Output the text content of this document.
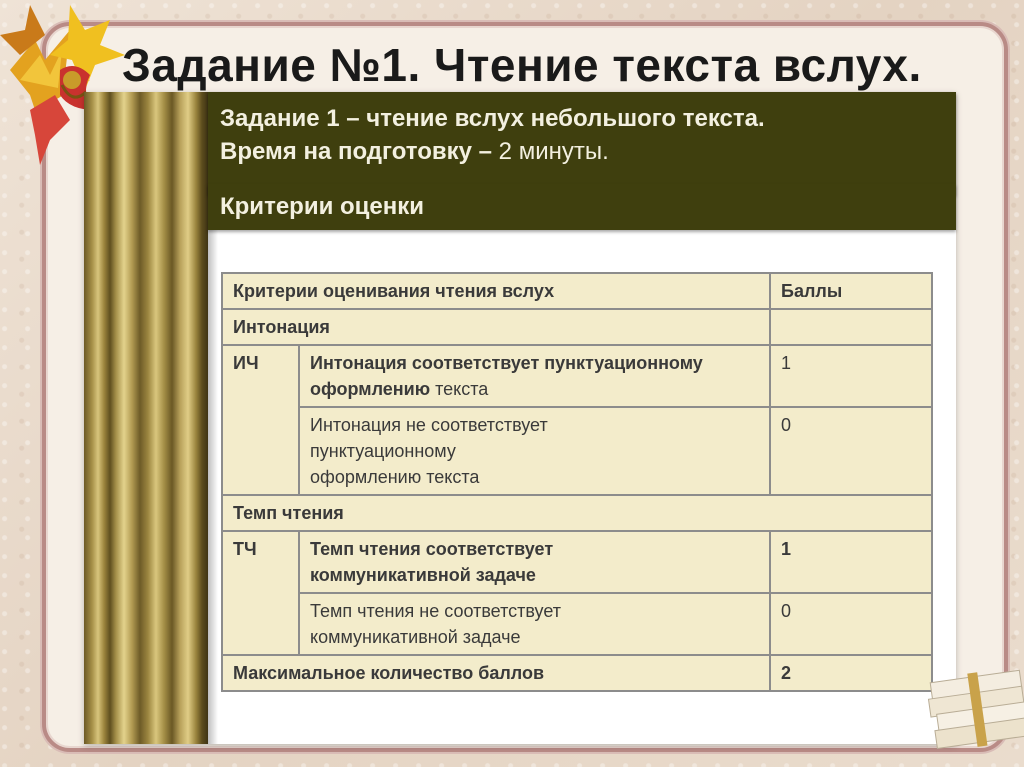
Задание №1. Чтение текста вслух.
Задание 1 – чтение вслух небольшого текста.
Время на подготовку – 2 минуты.
Критерии оценки
Критерии оценивания чтения вслух		Баллы
Интонация		
ИЧ	Интонация соответствует пунктуационному оформлению текста	1
	Интонация не соответствует пунктуационному оформлению текста	0
Темп чтения		
ТЧ	Темп чтения соответствует коммуникативной задаче	1
	Темп чтения не соответствует коммуникативной задаче	0
Максимальное количество баллов		2
